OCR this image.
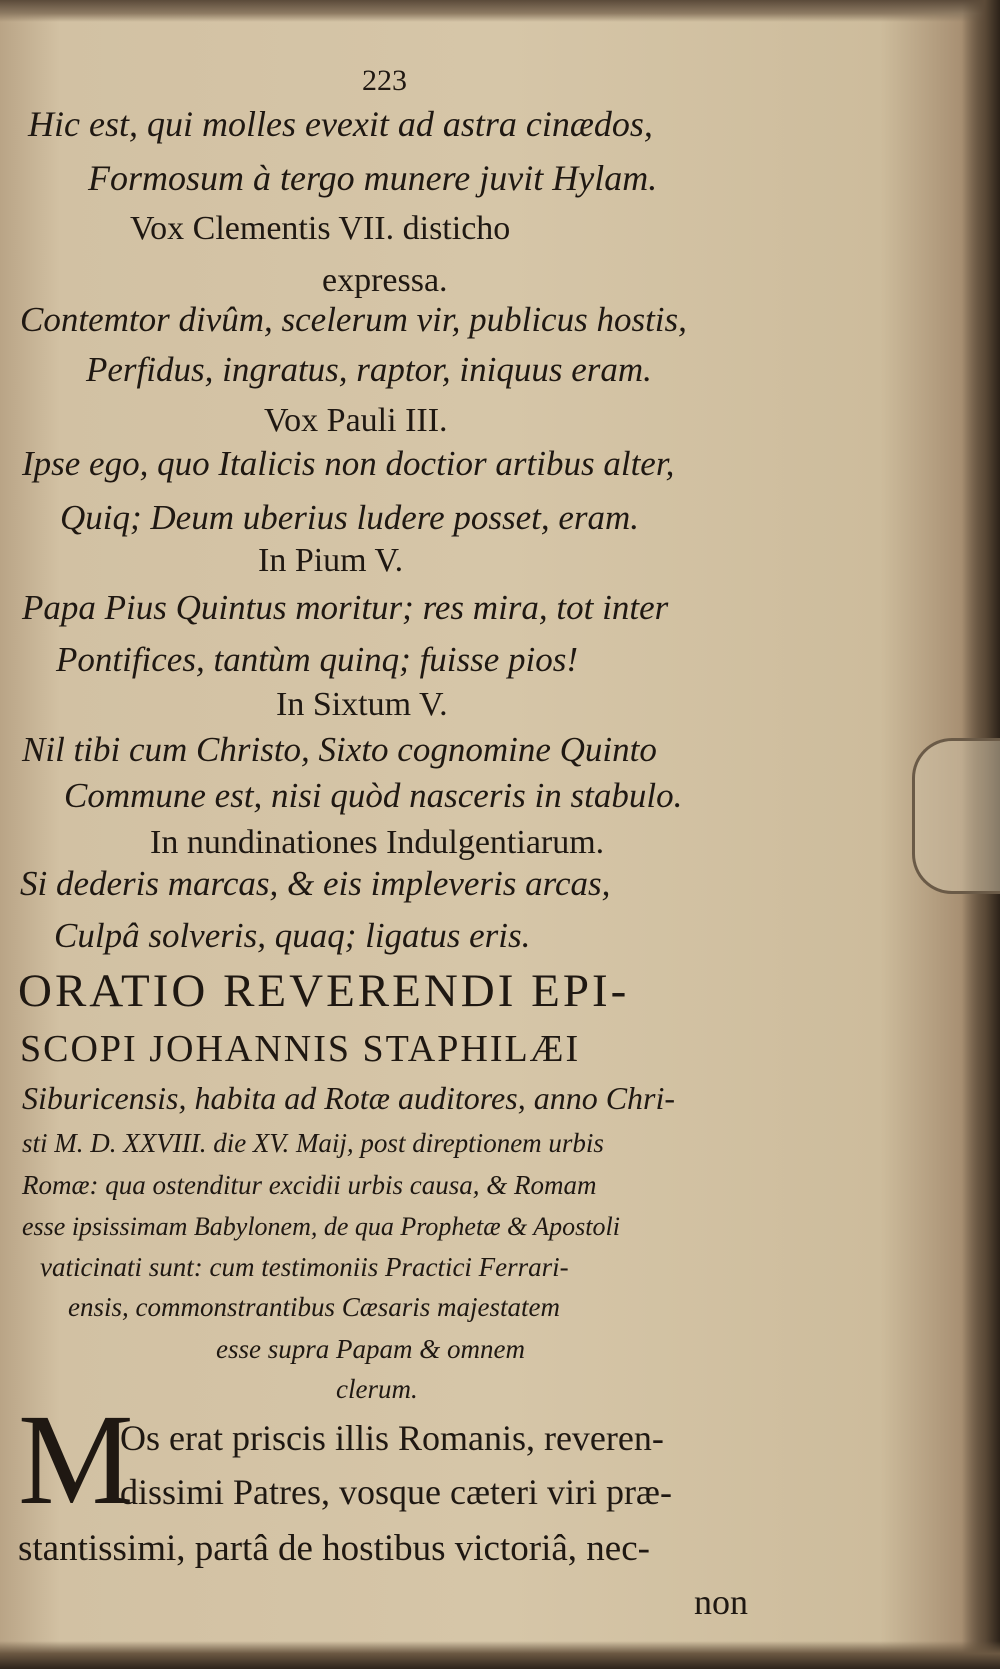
223
Hic est, qui molles evexit ad astra cinædos,
Formosum à tergo munere juvit Hylam.
Vox Clementis VII. disticho
expressa.
Contemtor divûm, scelerum vir, publicus hostis,
Perfidus, ingratus, raptor, iniquus eram.
Vox Pauli III.
Ipse ego, quo Italicis non doctior artibus alter,
Quiq; Deum uberius ludere posset, eram.
In Pium V.
Papa Pius Quintus moritur; res mira, tot inter
Pontifices, tantùm quinq; fuisse pios!
In Sixtum V.
Nil tibi cum Christo, Sixto cognomine Quinto
Commune est, nisi quòd nasceris in stabulo.
In nundinationes Indulgentiarum.
Si dederis marcas, & eis impleveris arcas,
Culpâ solveris, quaq; ligatus eris.
ORATIO REVERENDI EPI-
SCOPI JOHANNIS STAPHILÆI
Siburicensis, habita ad Rotæ auditores, anno Chri-
sti M. D. XXVIII. die XV. Maij, post direptionem urbis
Romæ: qua ostenditur excidii urbis causa, & Romam
esse ipsissimam Babylonem, de qua Prophetæ & Apostoli
vaticinati sunt: cum testimoniis Practici Ferrari-
ensis, commonstrantibus Cæsaris majestatem
esse supra Papam & omnem
clerum.
M
Os erat priscis illis Romanis, reveren-
dissimi Patres, vosque cæteri viri præ-
stantissimi, partâ de hostibus victoriâ, nec-
non
